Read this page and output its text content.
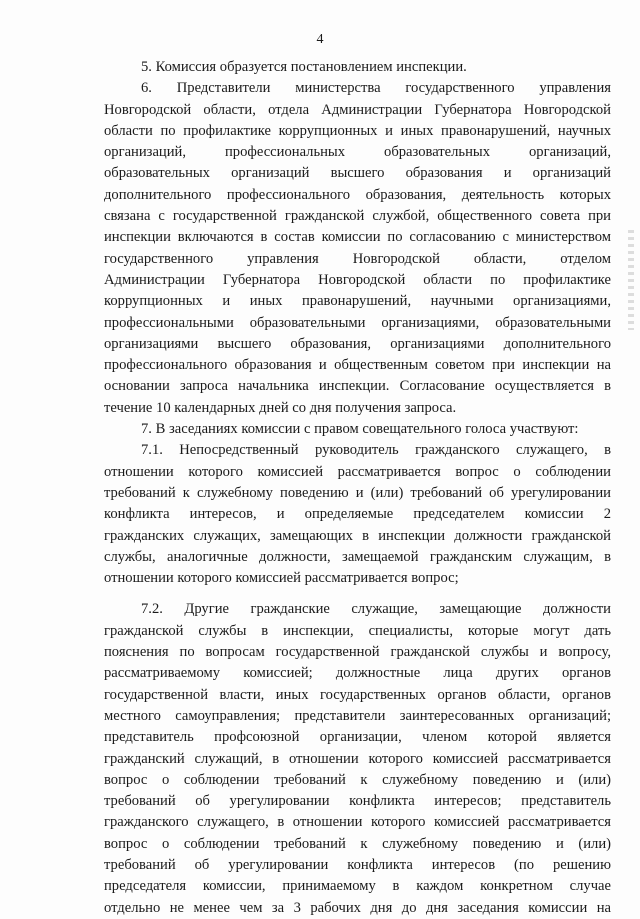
4
5. Комиссия образуется постановлением инспекции.
6. Представители министерства государственного управления
Новгородской области, отдела Администрации Губернатора Новгородской
области по профилактике коррупционных и иных правонарушений, научных
организаций, профессиональных образовательных организаций,
образовательных организаций высшего образования и организаций
дополнительного профессионального образования, деятельность которых
связана с государственной гражданской службой, общественного совета при
инспекции включаются в состав комиссии по согласованию с министерством
государственного управления Новгородской области, отделом
Администрации Губернатора Новгородской области по профилактике
коррупционных и иных правонарушений, научными организациями,
профессиональными образовательными организациями, образовательными
организациями высшего образования, организациями дополнительного
профессионального образования и общественным советом при инспекции на
основании запроса начальника инспекции. Согласование осуществляется в
течение 10 календарных дней со дня получения запроса.
7. В заседаниях комиссии с правом совещательного голоса участвуют:
7.1. Непосредственный руководитель гражданского служащего, в
отношении которого комиссией рассматривается вопрос о соблюдении
требований к служебному поведению и (или) требований об урегулировании
конфликта интересов, и определяемые председателем комиссии 2
гражданских служащих, замещающих в инспекции должности гражданской
службы, аналогичные должности, замещаемой гражданским служащим, в
отношении которого комиссией рассматривается вопрос;
7.2. Другие гражданские служащие, замещающие должности
гражданской службы в инспекции, специалисты, которые могут дать
пояснения по вопросам государственной гражданской службы и вопросу,
рассматриваемому комиссией; должностные лица других органов
государственной власти, иных государственных органов области, органов
местного самоуправления; представители заинтересованных организаций;
представитель профсоюзной организации, членом которой является
гражданский служащий, в отношении которого комиссией рассматривается
вопрос о соблюдении требований к служебному поведению и (или)
требований об урегулировании конфликта интересов; представитель
гражданского служащего, в отношении которого комиссией рассматривается
вопрос о соблюдении требований к служебному поведению и (или)
требований об урегулировании конфликта интересов (по решению
председателя комиссии, принимаемому в каждом конкретном случае
отдельно не менее чем за 3 рабочих дня до дня заседания комиссии на
